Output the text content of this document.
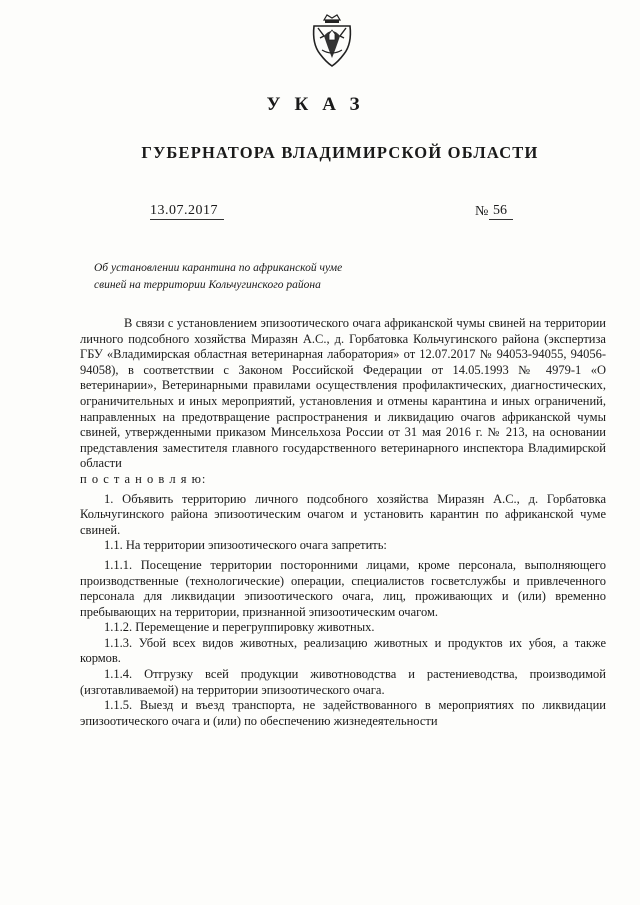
УКАЗ
ГУБЕРНАТОРА ВЛАДИМИРСКОЙ ОБЛАСТИ
13.07.2017	№ 56
Об установлении карантина по африканской чуме
свиней на территории Кольчугинского района

В связи с установлением эпизоотического очага африканской чумы свиней на территории личного подсобного хозяйства Миразян А.С., д. Горбатовка Кольчугинского района (экспертиза ГБУ «Владимирская областная ветеринарная лаборатория» от 12.07.2017 № 94053-94055, 94056-94058), в соответствии с Законом Российской Федерации от 14.05.1993 № 4979-1 «О ветеринарии», Ветеринарными правилами осуществления профилактических, диагностических, ограничительных и иных мероприятий, установления и отмены карантина и иных ограничений, направленных на предотвращение распространения и ликвидацию очагов африканской чумы свиней, утвержденными приказом Минсельхоза России от 31 мая 2016 г. № 213, на основании представления заместителя главного государственного ветеринарного инспектора Владимирской области

п о с т а н о в л я ю:

1. Объявить территорию личного подсобного хозяйства Миразян А.С., д. Горбатовка Кольчугинского района эпизоотическим очагом и установить карантин по африканской чуме свиней.

1.1. На территории эпизоотического очага запретить:

1.1.1. Посещение территории посторонними лицами, кроме персонала, выполняющего производственные (технологические) операции, специалистов госветслужбы и привлеченного персонала для ликвидации эпизоотического очага, лиц, проживающих и (или) временно пребывающих на территории, признанной эпизоотическим очагом.

1.1.2. Перемещение и перегруппировку животных.

1.1.3. Убой всех видов животных, реализацию животных и продуктов их убоя, а также кормов.

1.1.4. Отгрузку всей продукции животноводства и растениеводства, производимой (изготавливаемой) на территории эпизоотического очага.

1.1.5. Выезд и въезд транспорта, не задействованного в мероприятиях по ликвидации эпизоотического очага и (или) по обеспечению жизнедеятельности
